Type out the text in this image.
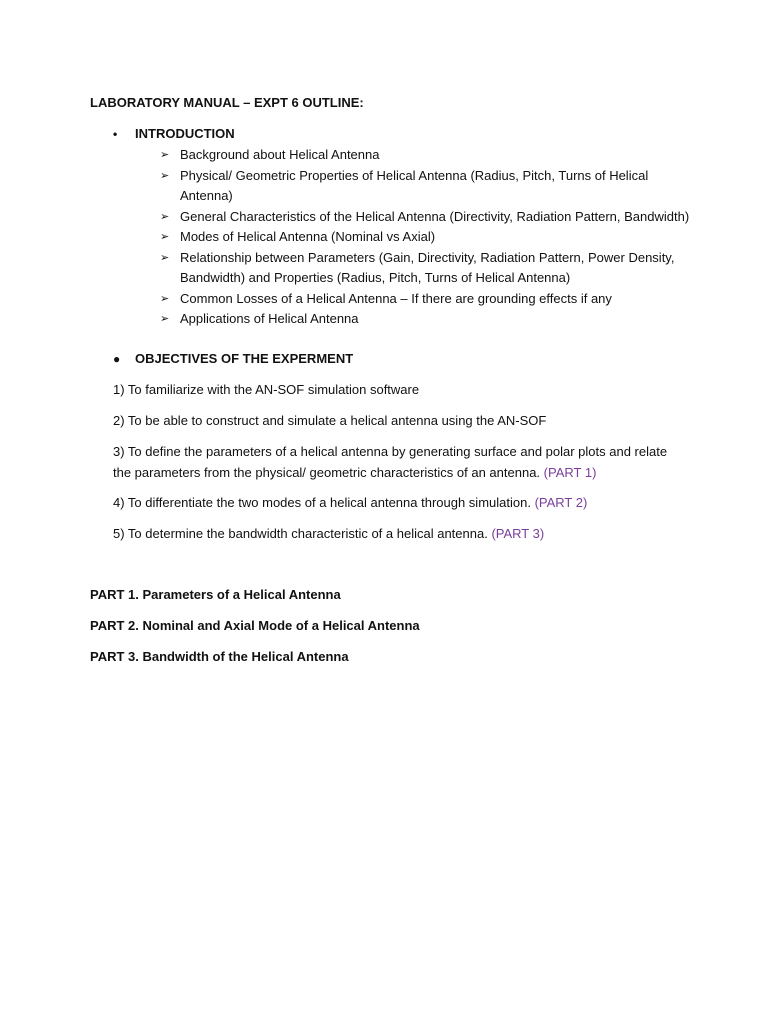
LABORATORY MANUAL – EXPT 6 OUTLINE:
• INTRODUCTION
➢ Background about Helical Antenna
➢ Physical/ Geometric Properties of Helical Antenna (Radius, Pitch, Turns of Helical Antenna)
➢ General Characteristics of the Helical Antenna (Directivity, Radiation Pattern, Bandwidth)
➢ Modes of Helical Antenna (Nominal vs Axial)
➢ Relationship between Parameters (Gain, Directivity, Radiation Pattern, Power Density, Bandwidth) and Properties (Radius, Pitch, Turns of Helical Antenna)
➢ Common Losses of a Helical Antenna – If there are grounding effects if any
➢ Applications of Helical Antenna
● OBJECTIVES OF THE EXPERMENT
1) To familiarize with the AN-SOF simulation software
2) To be able to construct and simulate a helical antenna using the AN-SOF
3) To define the parameters of a helical antenna by generating surface and polar plots and relate the parameters from the physical/ geometric characteristics of an antenna. (PART 1)
4) To differentiate the two modes of a helical antenna through simulation. (PART 2)
5) To determine the bandwidth characteristic of a helical antenna. (PART 3)
PART 1. Parameters of a Helical Antenna
PART 2. Nominal and Axial Mode of a Helical Antenna
PART 3. Bandwidth of the Helical Antenna
